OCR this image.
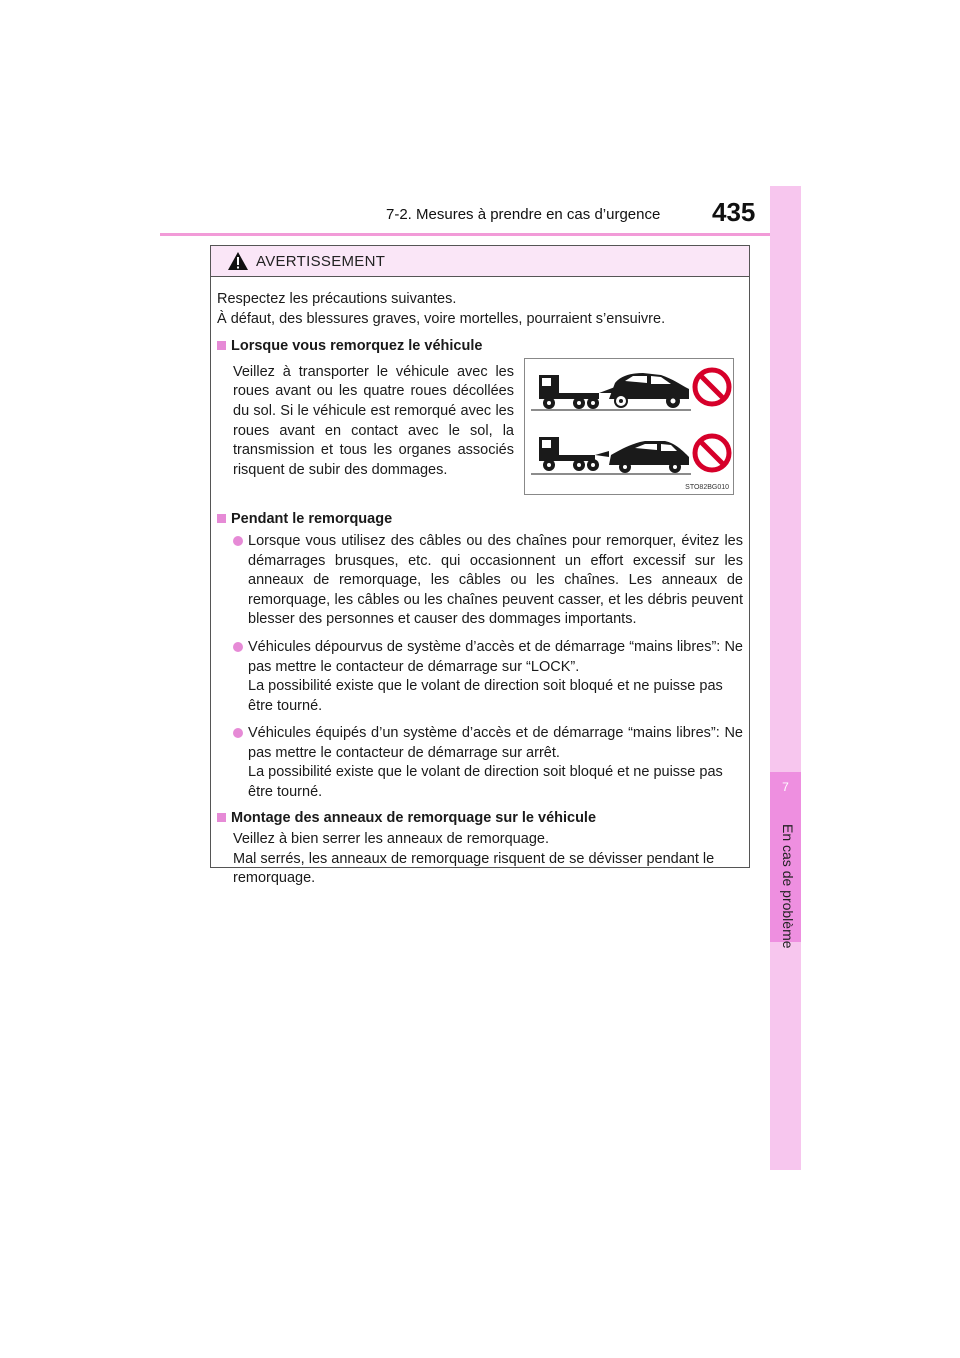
7-2. Mesures à prendre en cas d’urgence 435
7
En cas de problème
AVERTISSEMENT

Respectez les précautions suivantes.

À défaut, des blessures graves, voire mortelles, pourraient s’ensuivre.

Lorsque vous remorquez le véhicule

Veillez à transporter le véhicule avec les roues avant ou les quatre roues décollées du sol. Si le véhicule est remorqué avec les roues avant en contact avec le sol, la transmission et tous les organes associés risquent de subir des dommages.

Pendant le remorquage

Lorsque vous utilisez des câbles ou des chaînes pour remorquer, évitez les démarrages brusques, etc. qui occasionnent un effort excessif sur les anneaux de remorquage, les câbles ou les chaînes. Les anneaux de remorquage, les câbles ou les chaînes peuvent casser, et les débris peuvent blesser des personnes et causer des dommages importants.

Véhicules dépourvus de système d’accès et de démarrage “mains libres”: Ne pas mettre le contacteur de démarrage sur “LOCK”.

La possibilité existe que le volant de direction soit bloqué et ne puisse pas être tourné.

Véhicules équipés d’un système d’accès et de démarrage “mains libres”: Ne pas mettre le contacteur de démarrage sur arrêt.

La possibilité existe que le volant de direction soit bloqué et ne puisse pas être tourné.

Montage des anneaux de remorquage sur le véhicule

Veillez à bien serrer les anneaux de remorquage.

Mal serrés, les anneaux de remorquage risquent de se dévisser pendant le remorquage.

STO82BG010
